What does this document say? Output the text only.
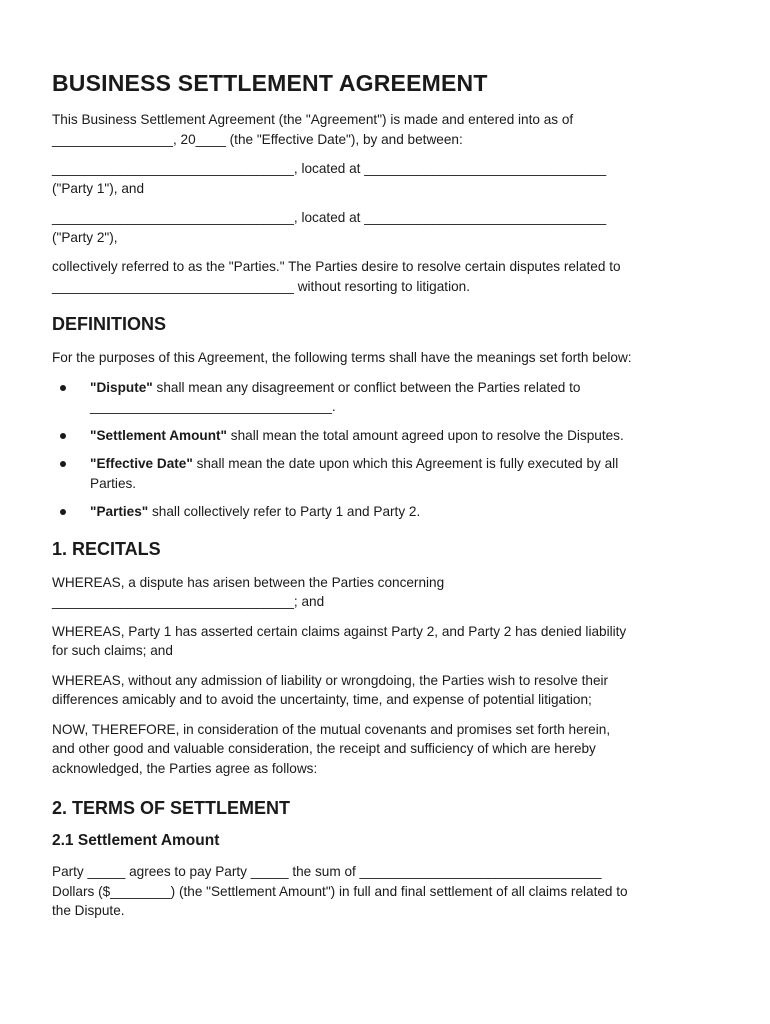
BUSINESS SETTLEMENT AGREEMENT

This Business Settlement Agreement (the "Agreement") is made and entered into as of
________________, 20____ (the "Effective Date"), by and between:

________________________________, located at ________________________________
("Party 1"), and

________________________________, located at ________________________________
("Party 2"),

collectively referred to as the "Parties." The Parties desire to resolve certain disputes related to
________________________________ without resorting to litigation.

DEFINITIONS

For the purposes of this Agreement, the following terms shall have the meanings set forth below:

"Dispute" shall mean any disagreement or conflict between the Parties related to
________________________________.
"Settlement Amount" shall mean the total amount agreed upon to resolve the Disputes.
"Effective Date" shall mean the date upon which this Agreement is fully executed by all
Parties.
"Parties" shall collectively refer to Party 1 and Party 2.
1. RECITALS

WHEREAS, a dispute has arisen between the Parties concerning
________________________________; and

WHEREAS, Party 1 has asserted certain claims against Party 2, and Party 2 has denied liability
for such claims; and

WHEREAS, without any admission of liability or wrongdoing, the Parties wish to resolve their
differences amicably and to avoid the uncertainty, time, and expense of potential litigation;

NOW, THEREFORE, in consideration of the mutual covenants and promises set forth herein,
and other good and valuable consideration, the receipt and sufficiency of which are hereby
acknowledged, the Parties agree as follows:

2. TERMS OF SETTLEMENT
2.1 Settlement Amount

Party _____ agrees to pay Party _____ the sum of ________________________________
Dollars ($________) (the "Settlement Amount") in full and final settlement of all claims related to
the Dispute.
